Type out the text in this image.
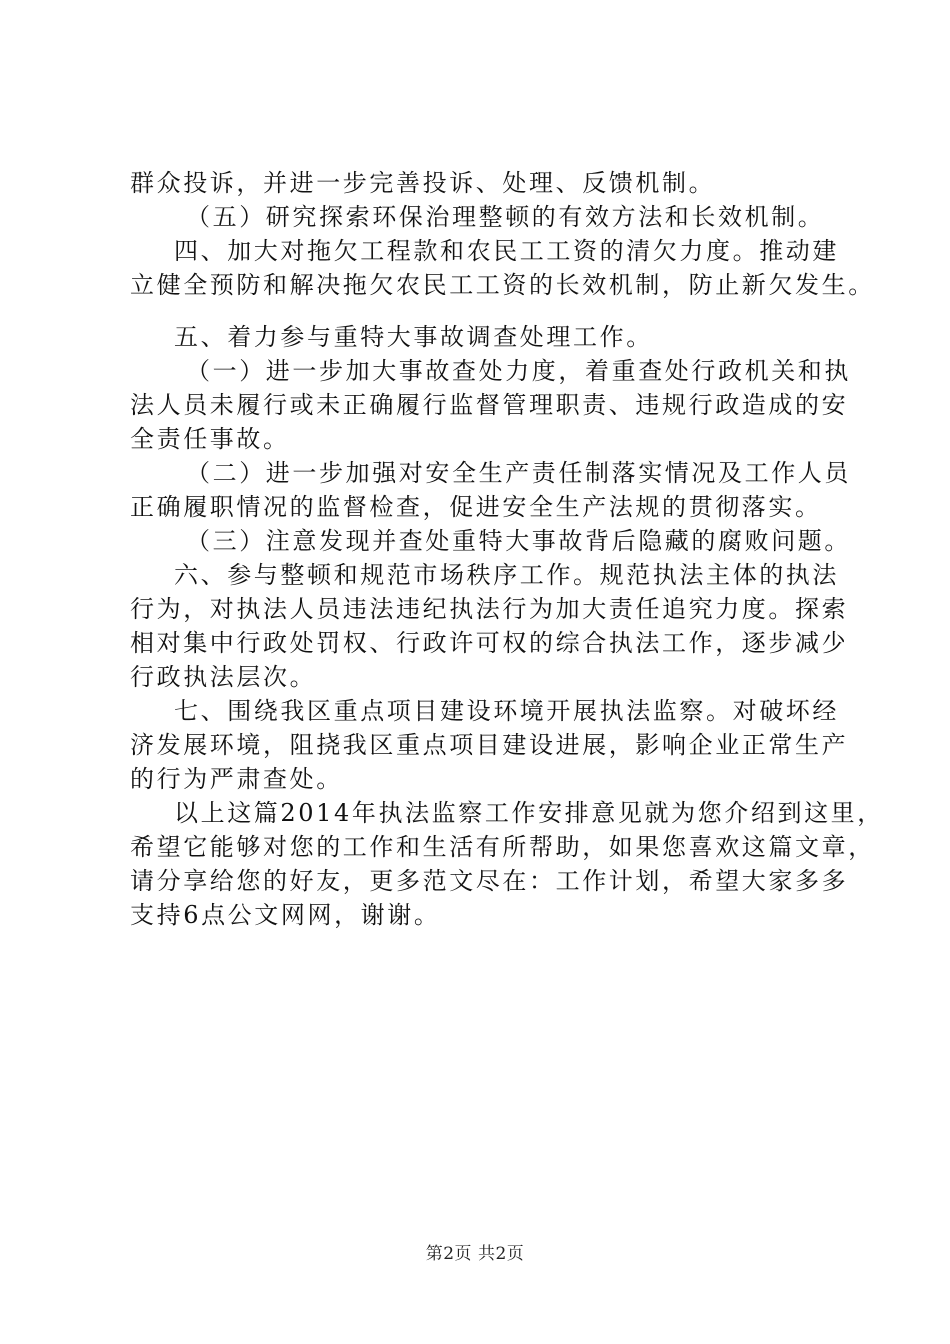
群众投诉，并进一步完善投诉、处理、反馈机制。
（五）研究探索环保治理整顿的有效方法和长效机制。
四、加大对拖欠工程款和农民工工资的清欠力度。推动建
立健全预防和解决拖欠农民工工资的长效机制，防止新欠发生。
五、着力参与重特大事故调查处理工作。
（一）进一步加大事故查处力度，着重查处行政机关和执
法人员未履行或未正确履行监督管理职责、违规行政造成的安
全责任事故。
（二）进一步加强对安全生产责任制落实情况及工作人员
正确履职情况的监督检查，促进安全生产法规的贯彻落实。
（三）注意发现并查处重特大事故背后隐藏的腐败问题。
六、参与整顿和规范市场秩序工作。规范执法主体的执法
行为，对执法人员违法违纪执法行为加大责任追究力度。探索
相对集中行政处罚权、行政许可权的综合执法工作，逐步减少
行政执法层次。
七、围绕我区重点项目建设环境开展执法监察。对破坏经
济发展环境，阻挠我区重点项目建设进展，影响企业正常生产
的行为严肃查处。
以上这篇2014年执法监察工作安排意见就为您介绍到这里，
希望它能够对您的工作和生活有所帮助，如果您喜欢这篇文章，
请分享给您的好友，更多范文尽在：工作计划，希望大家多多
支持6点公文网网，谢谢。
第2页 共2页
